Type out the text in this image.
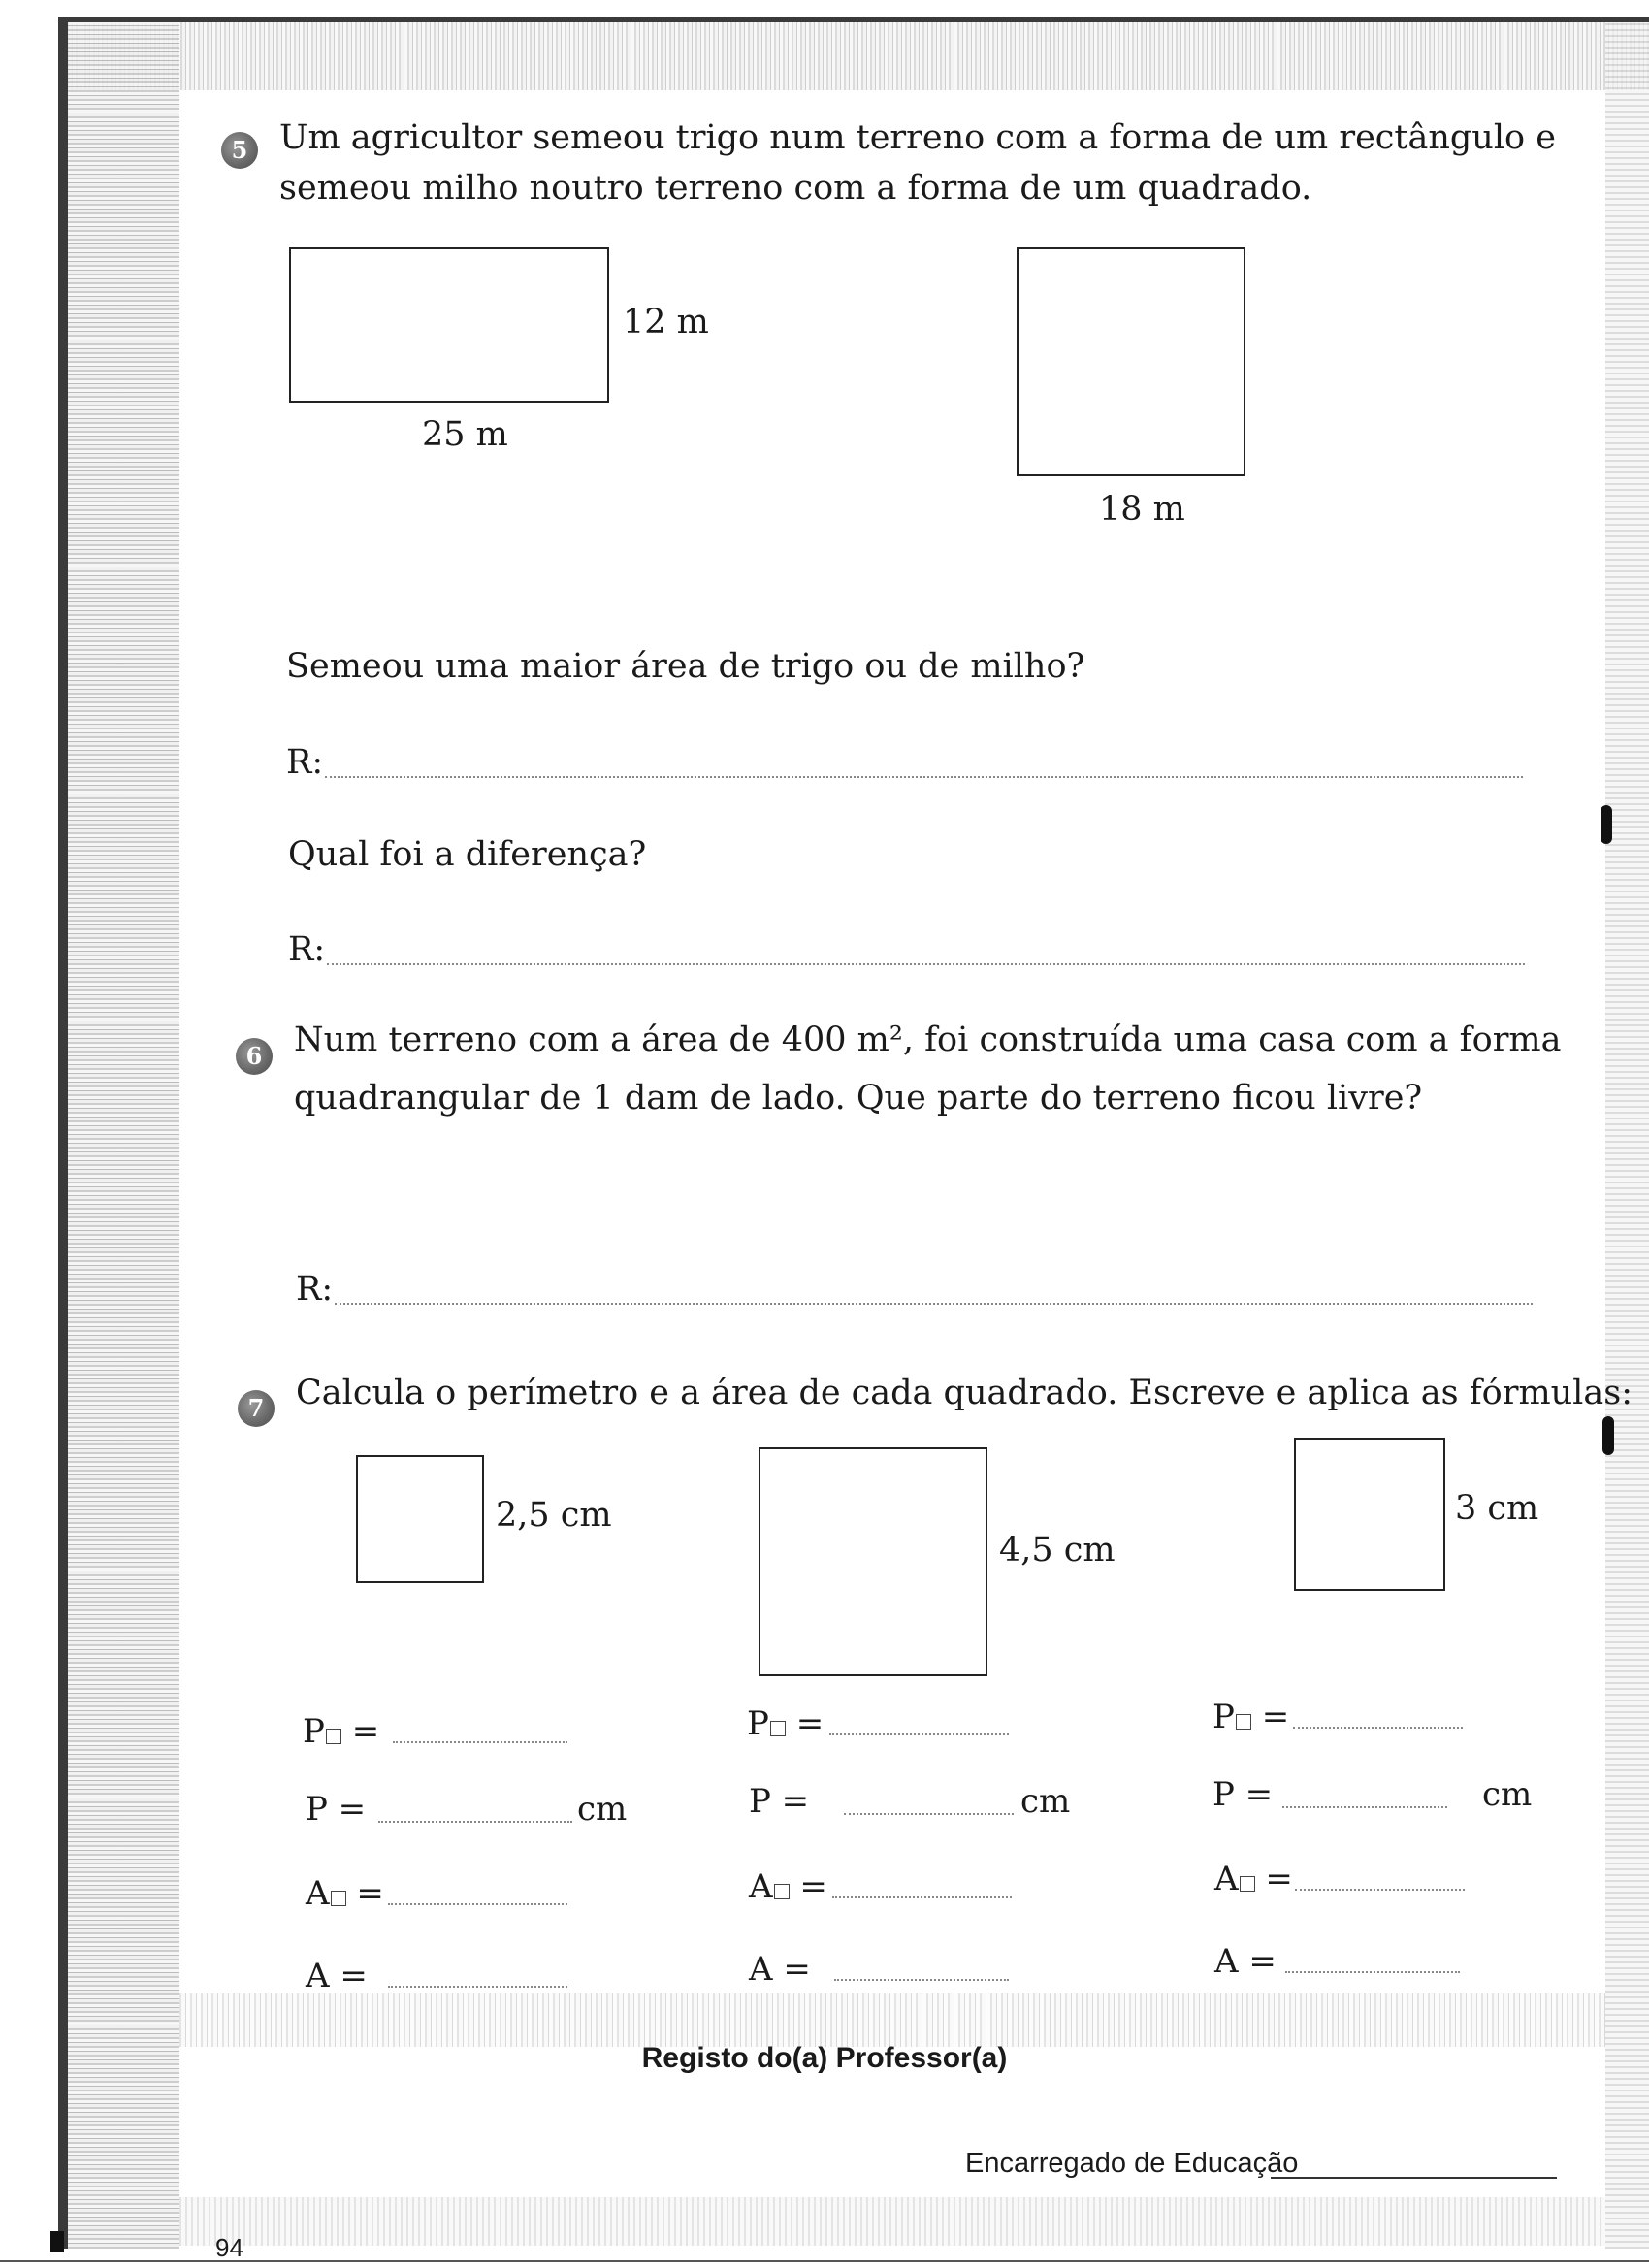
5 Um agricultor semeou trigo num terreno com a forma de um rectângulo e
semeou milho noutro terreno com a forma de um quadrado.
12 m
25 m
18 m
Semeou uma maior área de trigo ou de milho?
R:
Qual foi a diferença?
R:
6 Num terreno com a área de 400 m², foi construída uma casa com a forma
quadrangular de 1 dam de lado. Que parte do terreno ficou livre?
R:
7 Calcula o perímetro e a área de cada quadrado. Escreve e aplica as fórmulas:
2,5 cm
4,5 cm
3 cm
P =
P =	cm
A =
A =
P =
P =	cm
A =
A =
P =
P =	cm
A =
A =
Registo do(a) Professor(a)
Encarregado de Educação
94
